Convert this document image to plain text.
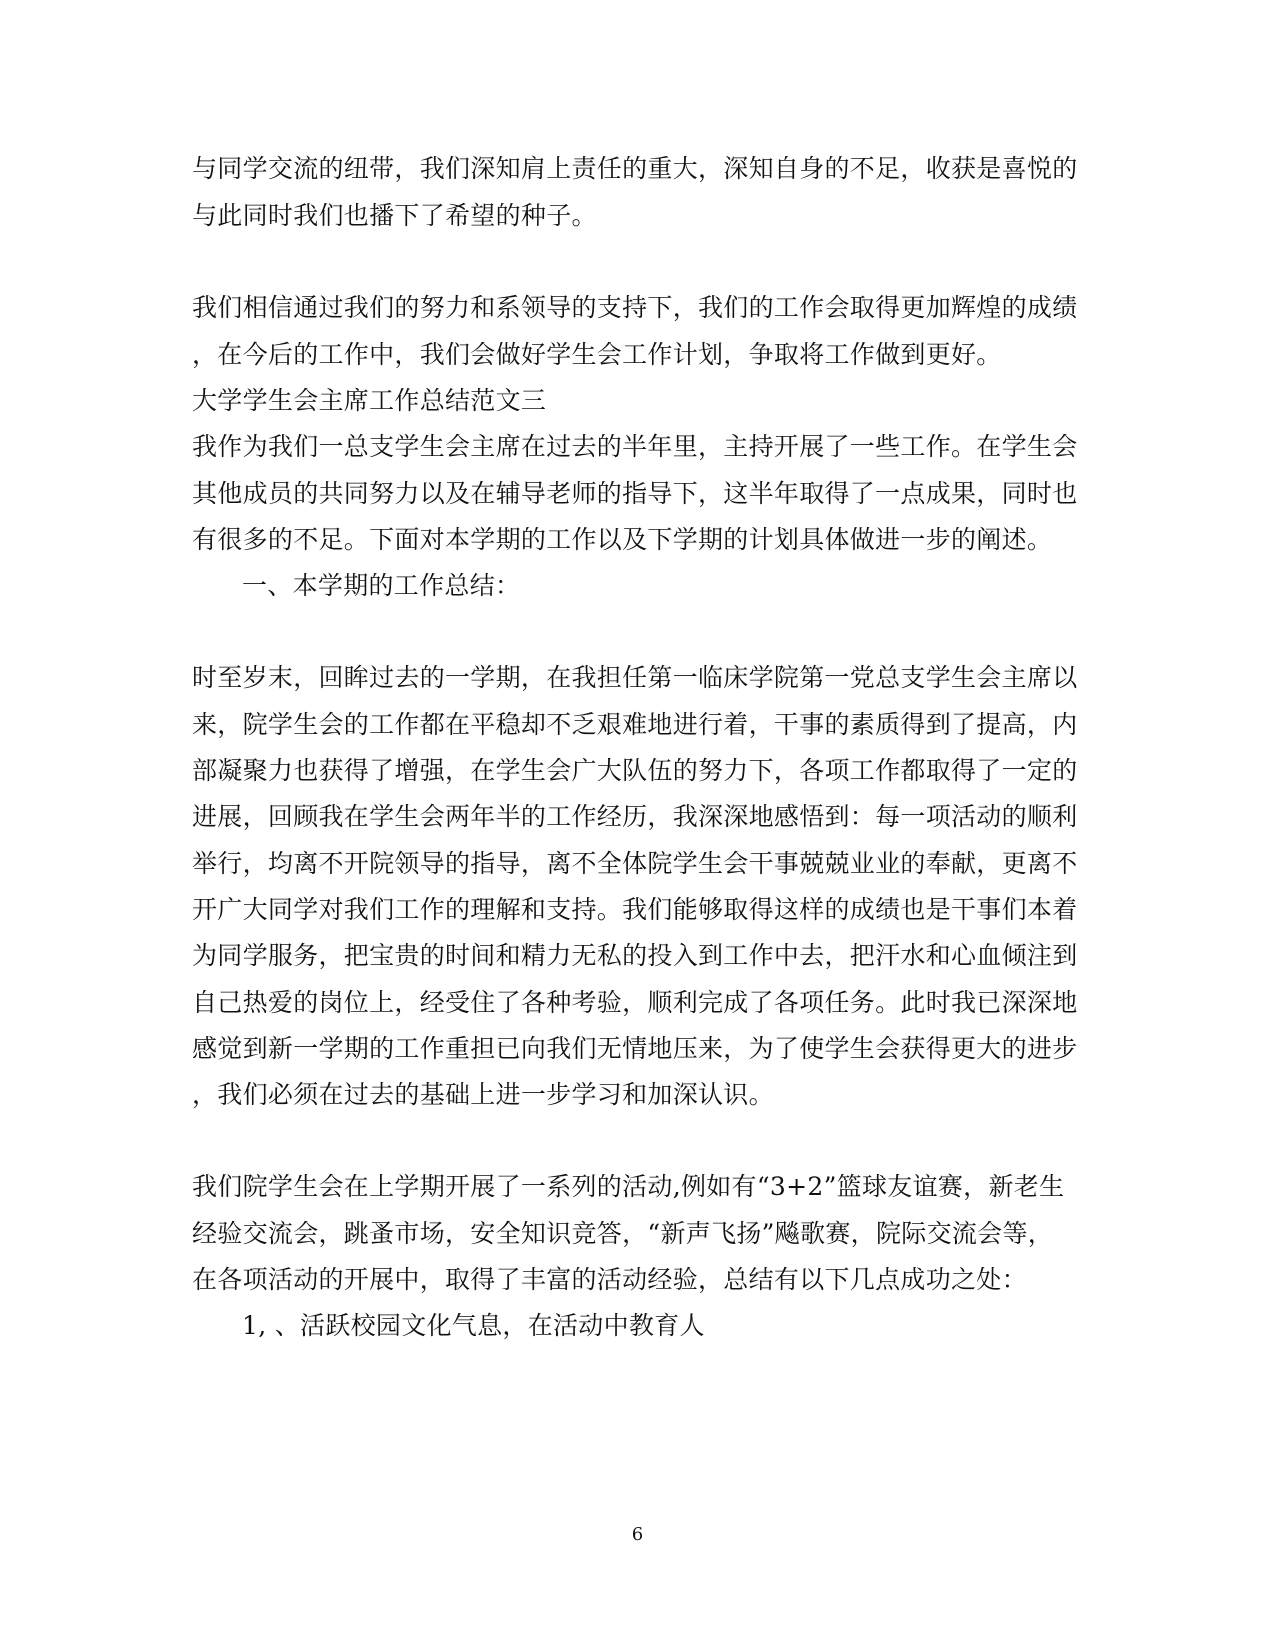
与同学交流的纽带，我们深知肩上责任的重大，深知自身的不足，收获是喜悦的
与此同时我们也播下了希望的种子。
我们相信通过我们的努力和系领导的支持下，我们的工作会取得更加辉煌的成绩
，在今后的工作中，我们会做好学生会工作计划，争取将工作做到更好。
大学学生会主席工作总结范文三
我作为我们一总支学生会主席在过去的半年里，主持开展了一些工作。在学生会
其他成员的共同努力以及在辅导老师的指导下，这半年取得了一点成果，同时也
有很多的不足。下面对本学期的工作以及下学期的计划具体做进一步的阐述。
一、本学期的工作总结：
时至岁末，回眸过去的一学期，在我担任第一临床学院第一党总支学生会主席以
来，院学生会的工作都在平稳却不乏艰难地进行着，干事的素质得到了提高，内
部凝聚力也获得了增强，在学生会广大队伍的努力下，各项工作都取得了一定的
进展，回顾我在学生会两年半的工作经历，我深深地感悟到：每一项活动的顺利
举行，均离不开院领导的指导，离不全体院学生会干事兢兢业业的奉献，更离不
开广大同学对我们工作的理解和支持。我们能够取得这样的成绩也是干事们本着
为同学服务，把宝贵的时间和精力无私的投入到工作中去，把汗水和心血倾注到
自己热爱的岗位上，经受住了各种考验，顺利完成了各项任务。此时我已深深地
感觉到新一学期的工作重担已向我们无情地压来，为了使学生会获得更大的进步
，我们必须在过去的基础上进一步学习和加深认识。
我们院学生会在上学期开展了一系列的活动,例如有“3+2”篮球友谊赛，新老生
经验交流会，跳蚤市场，安全知识竞答，“新声飞扬”飚歌赛，院际交流会等，
在各项活动的开展中，取得了丰富的活动经验，总结有以下几点成功之处：
1, 、活跃校园文化气息，在活动中教育人
6
